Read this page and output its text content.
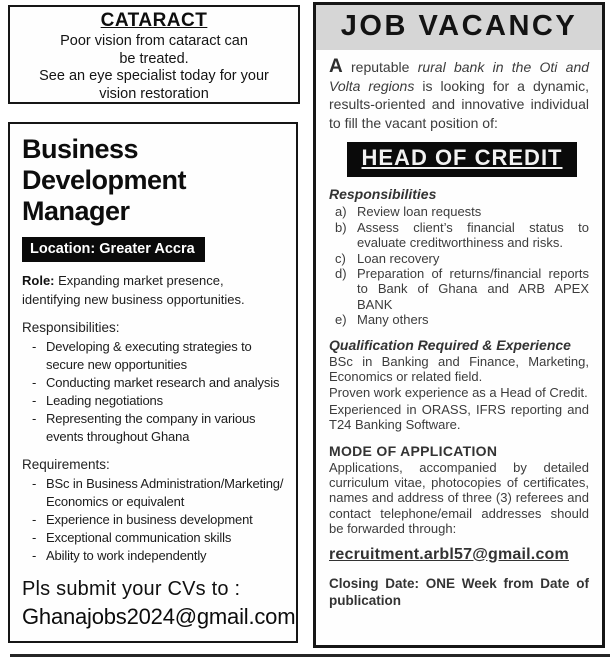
CATARACT
Poor vision from cataract can
be treated.
See an eye specialist today for your
vision restoration
Business Development Manager
Location: Greater Accra

Role: Expanding market presence, identifying new business opportunities.

Responsibilities:
- Developing & executing strategies to secure new opportunities
- Conducting market research and analysis
- Leading negotiations
- Representing the company in various events throughout Ghana
Requirements:
- BSc in Business Administration/Marketing/ Economics or equivalent
- Experience in business development
- Exceptional communication skills
- Ability to work independently
Pls submit your CVs to :
Ghanajobs2024@gmail.com
JOB VACANCY

A reputable rural bank in the Oti and Volta regions is looking for a dynamic, results-oriented and innovative individual to fill the vacant position of:

HEAD OF CREDIT
Responsibilities
a) Review loan requests
b) Assess client’s financial status to evaluate creditworthiness and risks.
c) Loan recovery
d) Preparation of returns/financial reports to Bank of Ghana and ARB APEX BANK
e) Many others
Qualification Required & Experience

BSc in Banking and Finance, Marketing, Economics or related field.

Proven work experience as a Head of Credit.

Experienced in ORASS, IFRS reporting and T24 Banking Software.

MODE OF APPLICATION

Applications, accompanied by detailed curriculum vitae, photocopies of certificates, names and address of three (3) referees and contact telephone/email addresses should be forwarded through:

recruitment.arbl57@gmail.com
Closing Date: ONE Week from Date of publication
